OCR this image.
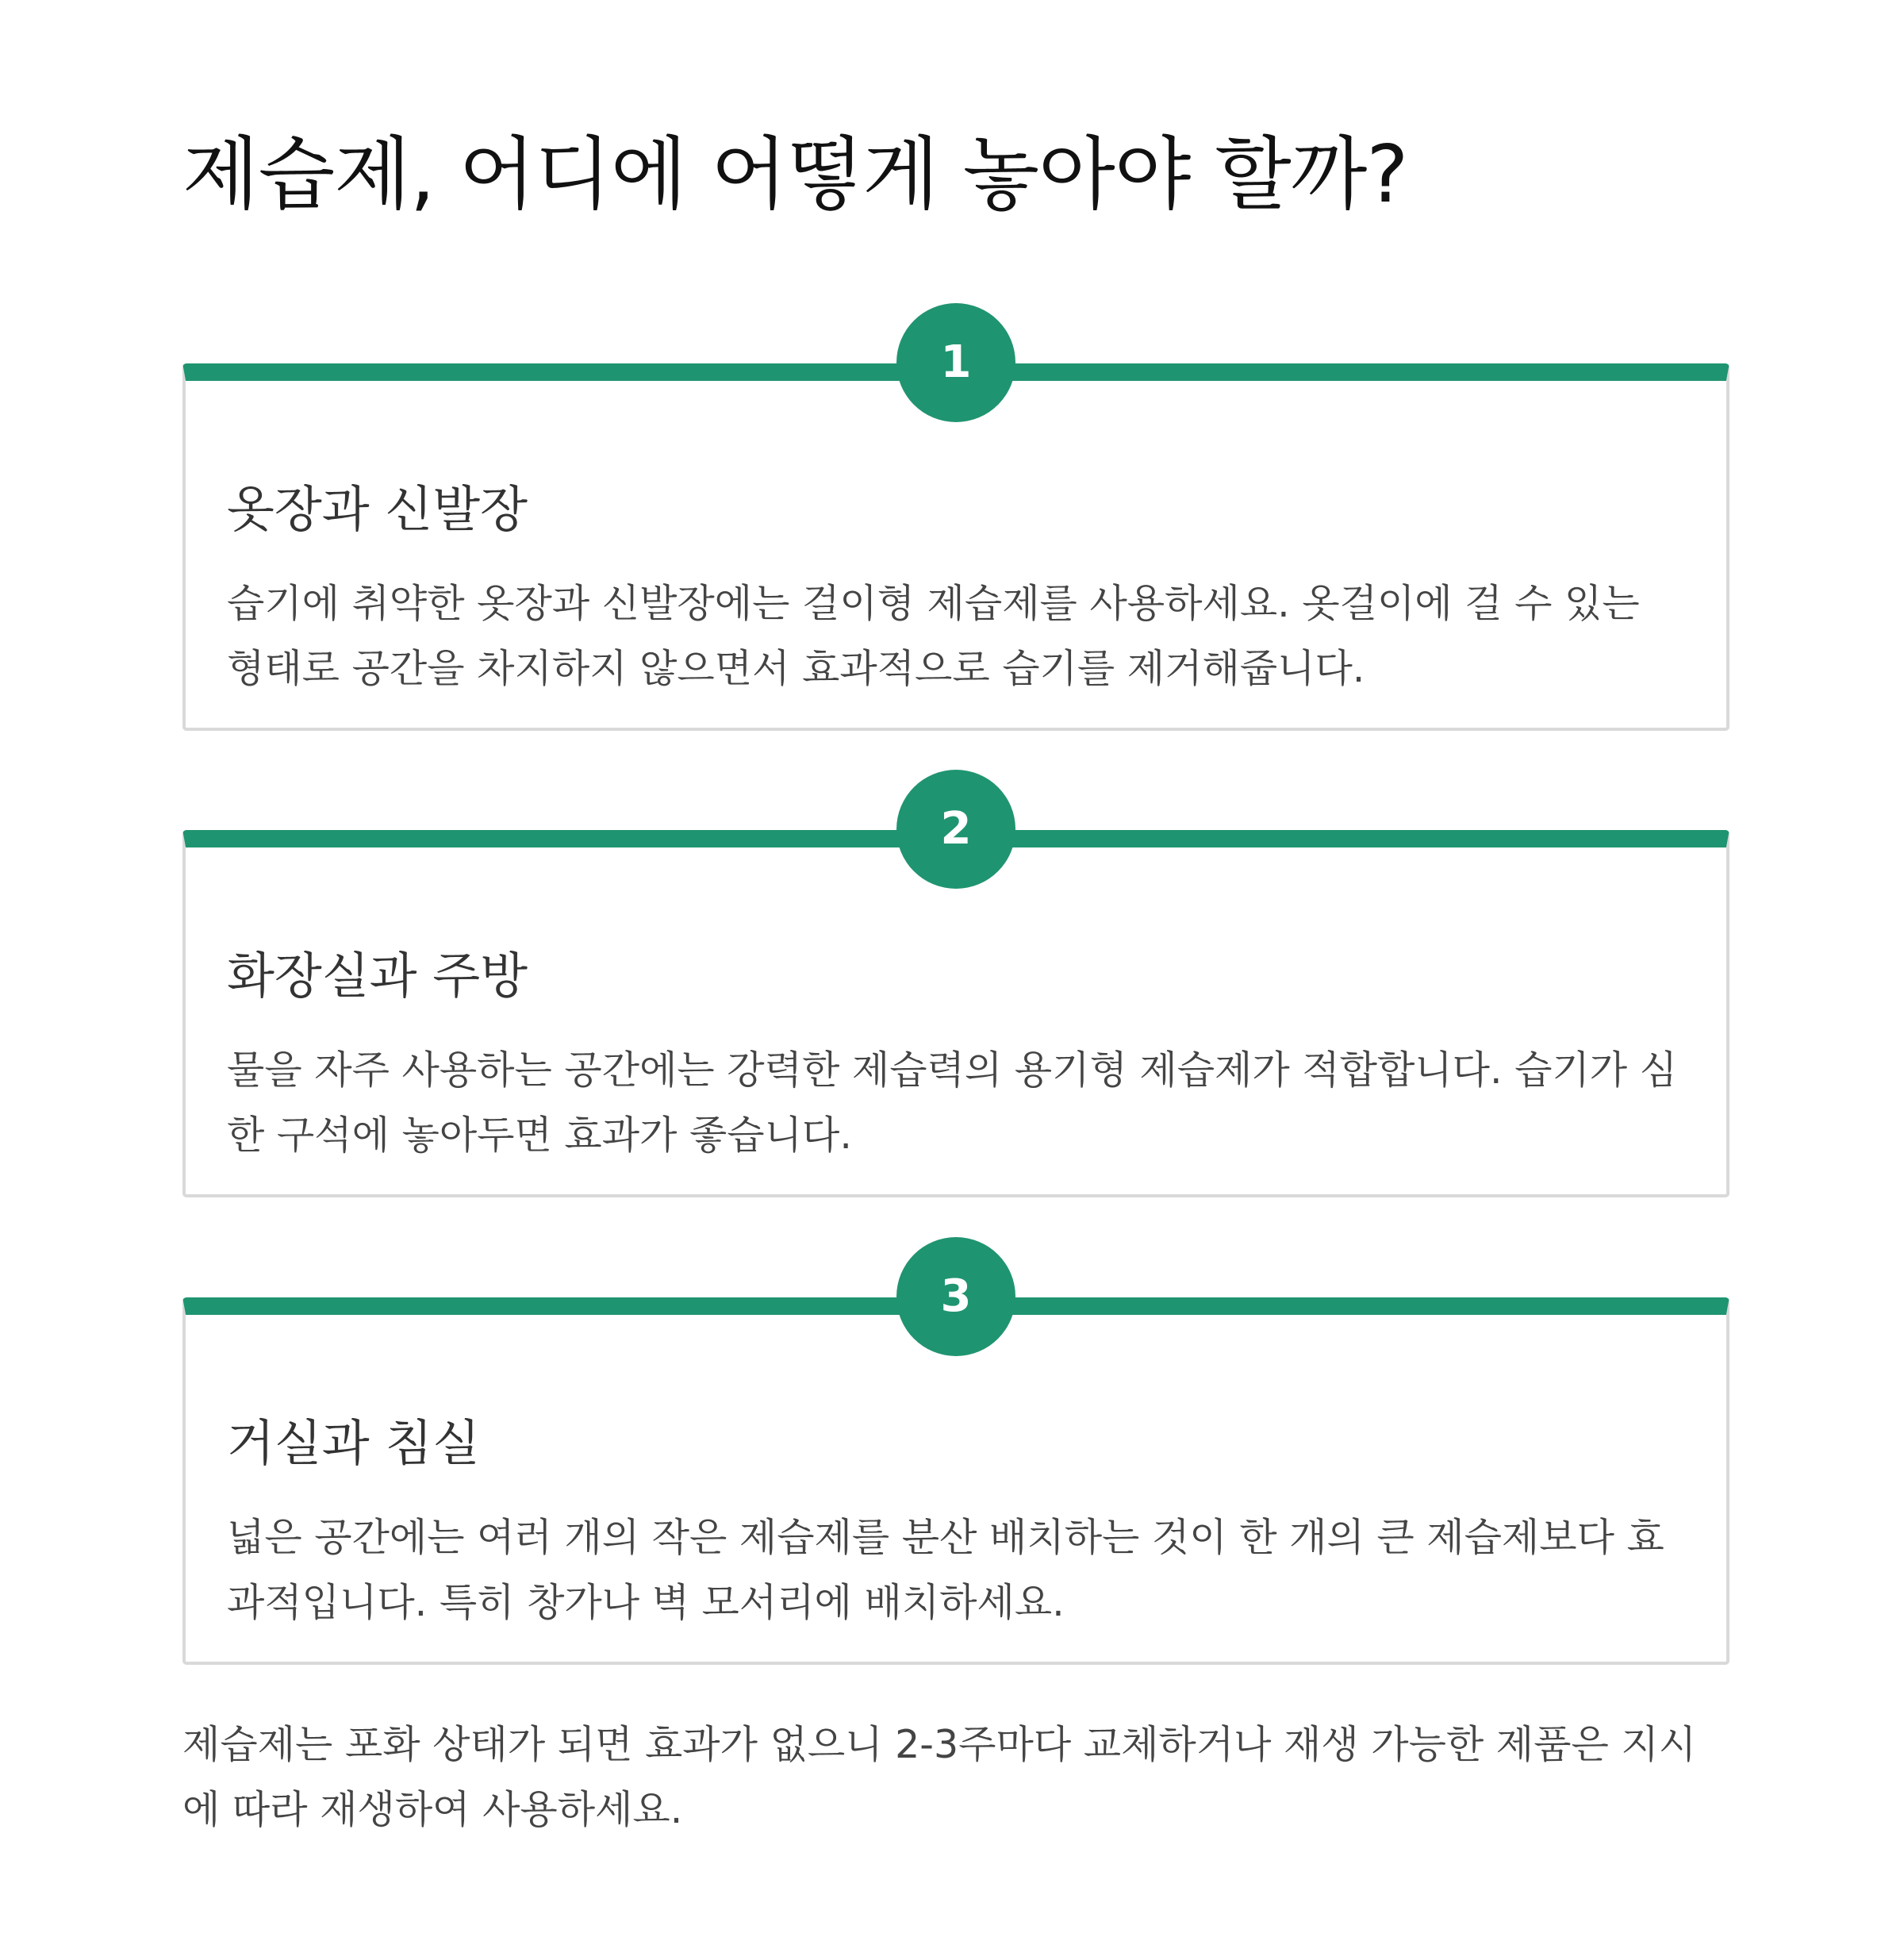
제습제, 어디에 어떻게 놓아야 할까?
1
옷장과 신발장

습기에 취약한 옷장과 신발장에는 걸이형 제습제를 사용하세요. 옷걸이에 걸 수 있는 형태로 공간을 차지하지 않으면서 효과적으로 습기를 제거해줍니다.

2
화장실과 주방

물을 자주 사용하는 공간에는 강력한 제습력의 용기형 제습제가 적합합니다. 습기가 심한 구석에 놓아두면 효과가 좋습니다.

3
거실과 침실

넓은 공간에는 여러 개의 작은 제습제를 분산 배치하는 것이 한 개의 큰 제습제보다 효과적입니다. 특히 창가나 벽 모서리에 배치하세요.

제습제는 포화 상태가 되면 효과가 없으니 2-3주마다 교체하거나 재생 가능한 제품은 지시에 따라 재생하여 사용하세요.
